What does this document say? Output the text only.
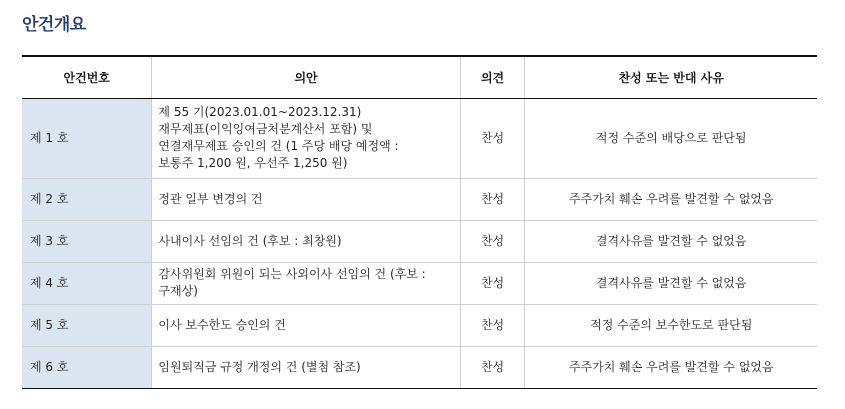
안건개요
안건번호	의안	의견	찬성 또는 반대 사유
제 1 호	제 55 기(2023.01.01~2023.12.31)
재무제표(이익잉여금처분계산서 포함) 및
연결재무제표 승인의 건 (1 주당 배당 예정액 :
보통주 1,200 원, 우선주 1,250 원)	찬성	적정 수준의 배당으로 판단됨
제 2 호	정관 일부 변경의 건	찬성	주주가치 훼손 우려를 발견할 수 없었음
제 3 호	사내이사 선임의 건 (후보 : 최창원)	찬성	결격사유를 발견할 수 없었음
제 4 호	감사위원회 위원이 되는 사외이사 선임의 건 (후보 :
구재상)	찬성	결격사유를 발견할 수 없었음
제 5 호	이사 보수한도 승인의 건	찬성	적정 수준의 보수한도로 판단됨
제 6 호	임원퇴직금 규정 개정의 건 (별첨 참조)	찬성	주주가치 훼손 우려를 발견할 수 없었음
